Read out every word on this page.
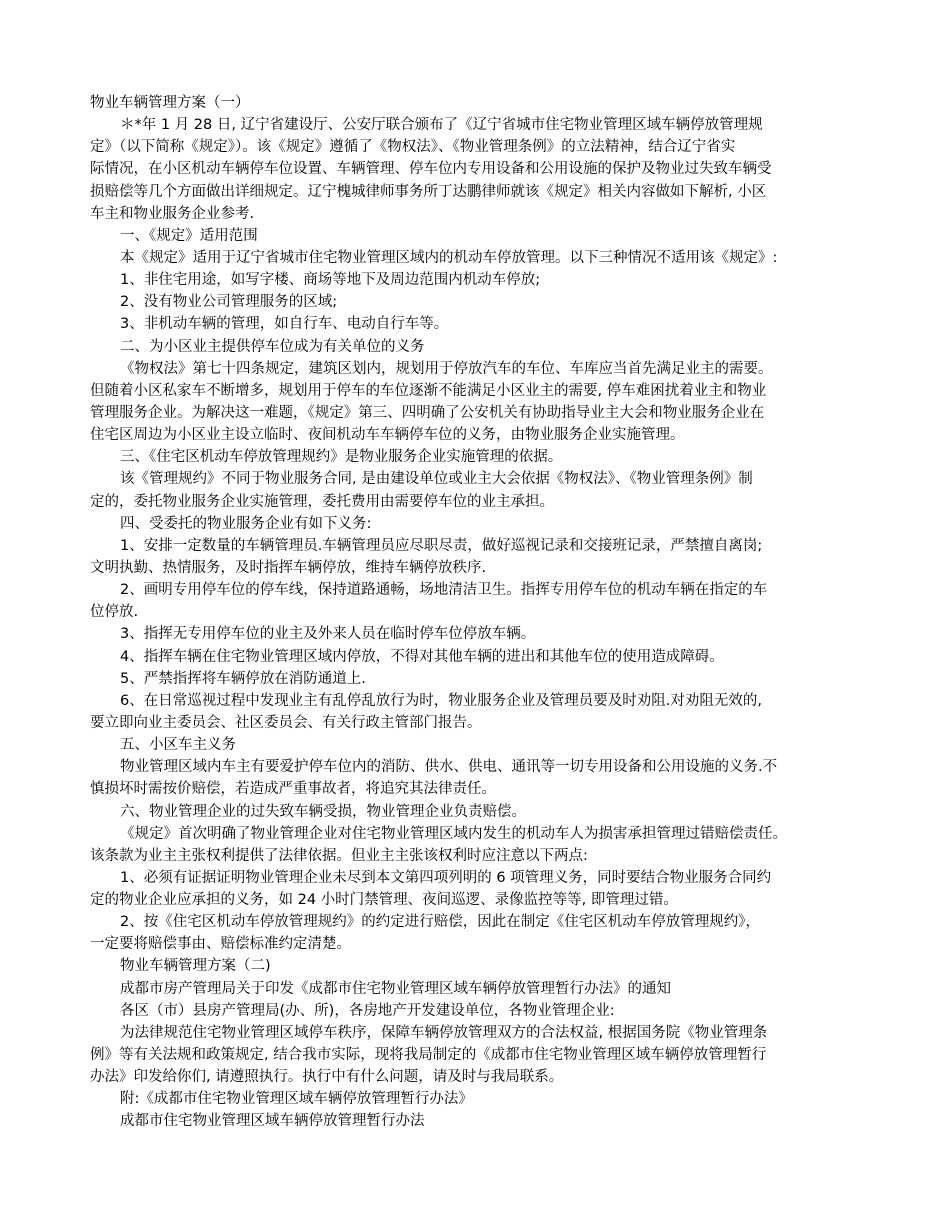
物业车辆管理方案（一）
＊*年 1 月 28 日, 辽宁省建设厅、公安厅联合颁布了《辽宁省城市住宅物业管理区域车辆停放管理规
定》（以下简称《规定》）。该《规定》遵循了《物权法》、《物业管理条例》的立法精神，结合辽宁省实
际情况，在小区机动车辆停车位设置、车辆管理、停车位内专用设备和公用设施的保护及物业过失致车辆受
损赔偿等几个方面做出详细规定。辽宁槐城律师事务所丁达鹏律师就该《规定》相关内容做如下解析, 小区
车主和物业服务企业参考.
一、《规定》适用范围
本《规定》适用于辽宁省城市住宅物业管理区域内的机动车停放管理。以下三种情况不适用该《规定》:
1、非住宅用途，如写字楼、商场等地下及周边范围内机动车停放;
2、没有物业公司管理服务的区域;
3、非机动车辆的管理，如自行车、电动自行车等。
二、为小区业主提供停车位成为有关单位的义务
《物权法》第七十四条规定，建筑区划内，规划用于停放汽车的车位、车库应当首先满足业主的需要。
但随着小区私家车不断增多，规划用于停车的车位逐渐不能满足小区业主的需要, 停车难困扰着业主和物业
管理服务企业。为解决这一难题，《规定》第三、四明确了公安机关有协助指导业主大会和物业服务企业在
住宅区周边为小区业主设立临时、夜间机动车车辆停车位的义务，由物业服务企业实施管理。
三、《住宅区机动车停放管理规约》是物业服务企业实施管理的依据。
该《管理规约》不同于物业服务合同, 是由建设单位或业主大会依据《物权法》、《物业管理条例》制
定的，委托物业服务企业实施管理，委托费用由需要停车位的业主承担。
四、受委托的物业服务企业有如下义务:
1、安排一定数量的车辆管理员.车辆管理员应尽职尽责，做好巡视记录和交接班记录，严禁擅自离岗;
文明执勤、热情服务，及时指挥车辆停放，维持车辆停放秩序.
2、画明专用停车位的停车线，保持道路通畅，场地清洁卫生。指挥专用停车位的机动车辆在指定的车
位停放.
3、指挥无专用停车位的业主及外来人员在临时停车位停放车辆。
4、指挥车辆在住宅物业管理区域内停放，不得对其他车辆的进出和其他车位的使用造成障碍。
5、严禁指挥将车辆停放在消防通道上.
6、在日常巡视过程中发现业主有乱停乱放行为时，物业服务企业及管理员要及时劝阻.对劝阻无效的,
要立即向业主委员会、社区委员会、有关行政主管部门报告。
五、小区车主义务
物业管理区域内车主有要爱护停车位内的消防、供水、供电、通讯等一切专用设备和公用设施的义务.不
慎损坏时需按价赔偿，若造成严重事故者，将追究其法律责任。
六、物业管理企业的过失致车辆受损，物业管理企业负责赔偿。
《规定》首次明确了物业管理企业对住宅物业管理区域内发生的机动车人为损害承担管理过错赔偿责任。
该条款为业主主张权利提供了法律依据。但业主主张该权利时应注意以下两点:
1、必须有证据证明物业管理企业未尽到本文第四项列明的 6 项管理义务，同时要结合物业服务合同约
定的物业企业应承担的义务，如 24 小时门禁管理、夜间巡逻、录像监控等等, 即管理过错。
2、按《住宅区机动车停放管理规约》的约定进行赔偿，因此在制定《住宅区机动车停放管理规约》，
一定要将赔偿事由、赔偿标准约定清楚。
物业车辆管理方案（二)
成都市房产管理局关于印发《成都市住宅物业管理区域车辆停放管理暂行办法》的通知
各区（市）县房产管理局(办、所)，各房地产开发建设单位，各物业管理企业:
为法律规范住宅物业管理区域停车秩序，保障车辆停放管理双方的合法权益, 根据国务院《物业管理条
例》等有关法规和政策规定, 结合我市实际，现将我局制定的《成都市住宅物业管理区域车辆停放管理暂行
办法》印发给你们, 请遵照执行。执行中有什么问题，请及时与我局联系。
附:《成都市住宅物业管理区域车辆停放管理暂行办法》
成都市住宅物业管理区域车辆停放管理暂行办法
